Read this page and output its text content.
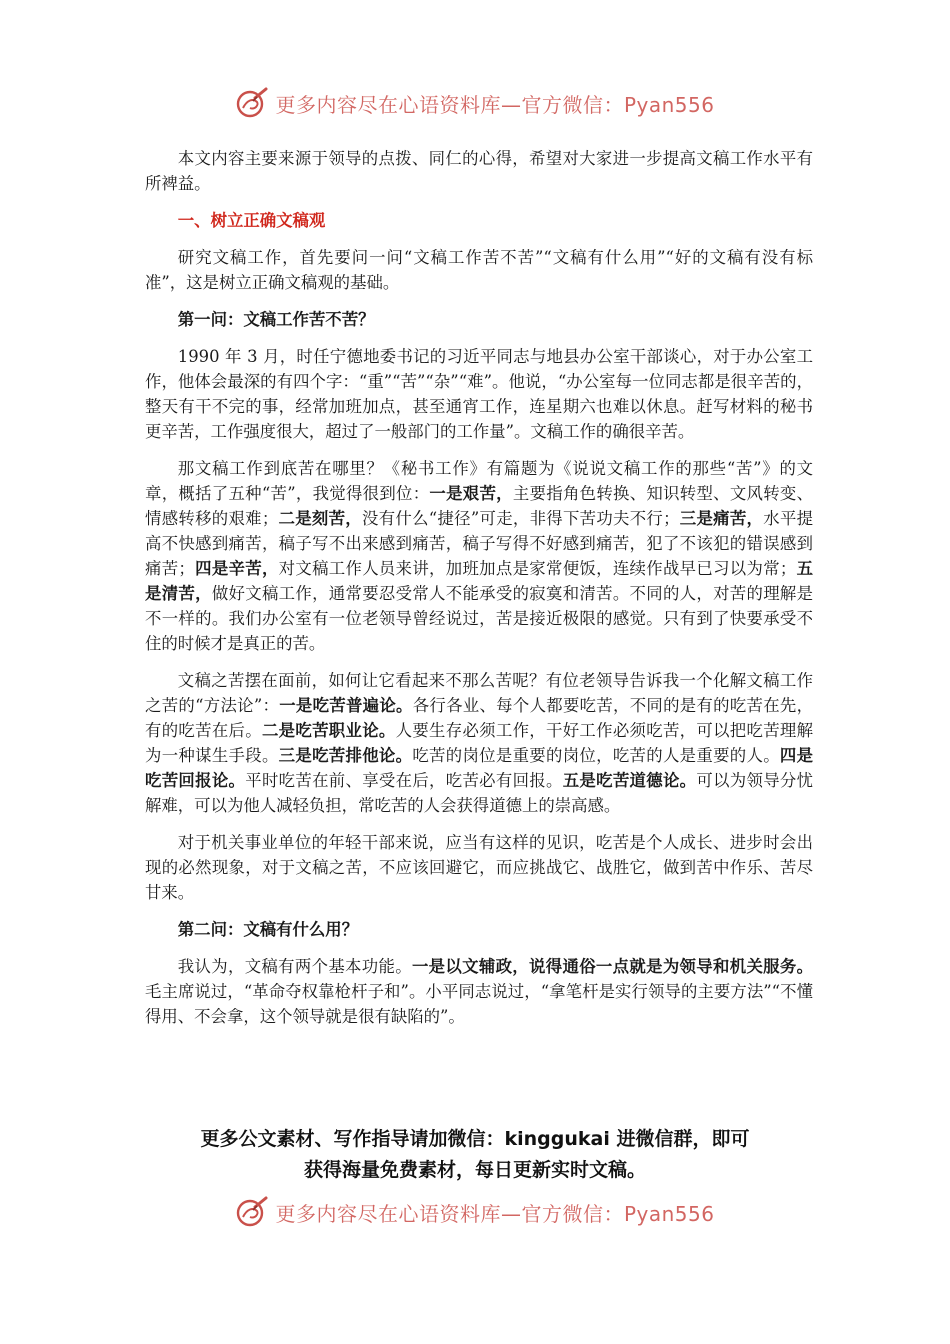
更多内容尽在心语资料库—官方微信：Pyan556

本文内容主要来源于领导的点拨、同仁的心得，希望对大家进一步提高文稿工作水平有所裨益。

一、树立正确文稿观

研究文稿工作，首先要问一问“文稿工作苦不苦”“文稿有什么用”“好的文稿有没有标准”，这是树立正确文稿观的基础。

第一问：文稿工作苦不苦？

1990 年 3 月，时任宁德地委书记的习近平同志与地县办公室干部谈心，对于办公室工作，他体会最深的有四个字：“重”“苦”“杂”“难”。他说，“办公室每一位同志都是很辛苦的，整天有干不完的事，经常加班加点，甚至通宵工作，连星期六也难以休息。赶写材料的秘书更辛苦，工作强度很大，超过了一般部门的工作量”。文稿工作的确很辛苦。

那文稿工作到底苦在哪里？《秘书工作》有篇题为《说说文稿工作的那些“苦”》的文章，概括了五种“苦”，我觉得很到位：一是艰苦，主要指角色转换、知识转型、文风转变、情感转移的艰难；二是刻苦，没有什么“捷径”可走，非得下苦功夫不行；三是痛苦，水平提高不快感到痛苦，稿子写不出来感到痛苦，稿子写得不好感到痛苦，犯了不该犯的错误感到痛苦；四是辛苦，对文稿工作人员来讲，加班加点是家常便饭，连续作战早已习以为常；五是清苦，做好文稿工作，通常要忍受常人不能承受的寂寞和清苦。不同的人，对苦的理解是不一样的。我们办公室有一位老领导曾经说过，苦是接近极限的感觉。只有到了快要承受不住的时候才是真正的苦。

文稿之苦摆在面前，如何让它看起来不那么苦呢？有位老领导告诉我一个化解文稿工作之苦的“方法论”：一是吃苦普遍论。各行各业、每个人都要吃苦，不同的是有的吃苦在先，有的吃苦在后。二是吃苦职业论。人要生存必须工作，干好工作必须吃苦，可以把吃苦理解为一种谋生手段。三是吃苦排他论。吃苦的岗位是重要的岗位，吃苦的人是重要的人。四是吃苦回报论。平时吃苦在前、享受在后，吃苦必有回报。五是吃苦道德论。可以为领导分忧解难，可以为他人减轻负担，常吃苦的人会获得道德上的崇高感。

对于机关事业单位的年轻干部来说，应当有这样的见识，吃苦是个人成长、进步时会出现的必然现象，对于文稿之苦，不应该回避它，而应挑战它、战胜它，做到苦中作乐、苦尽甘来。

第二问：文稿有什么用？

我认为，文稿有两个基本功能。一是以文辅政，说得通俗一点就是为领导和机关服务。毛主席说过，“革命夺权靠枪杆子和”。小平同志说过，“拿笔杆是实行领导的主要方法”“不懂得用、不会拿，这个领导就是很有缺陷的”。

更多公文素材、写作指导请加微信：kinggukai 进微信群，即可
获得海量免费素材，每日更新实时文稿。
更多内容尽在心语资料库—官方微信：Pyan556
